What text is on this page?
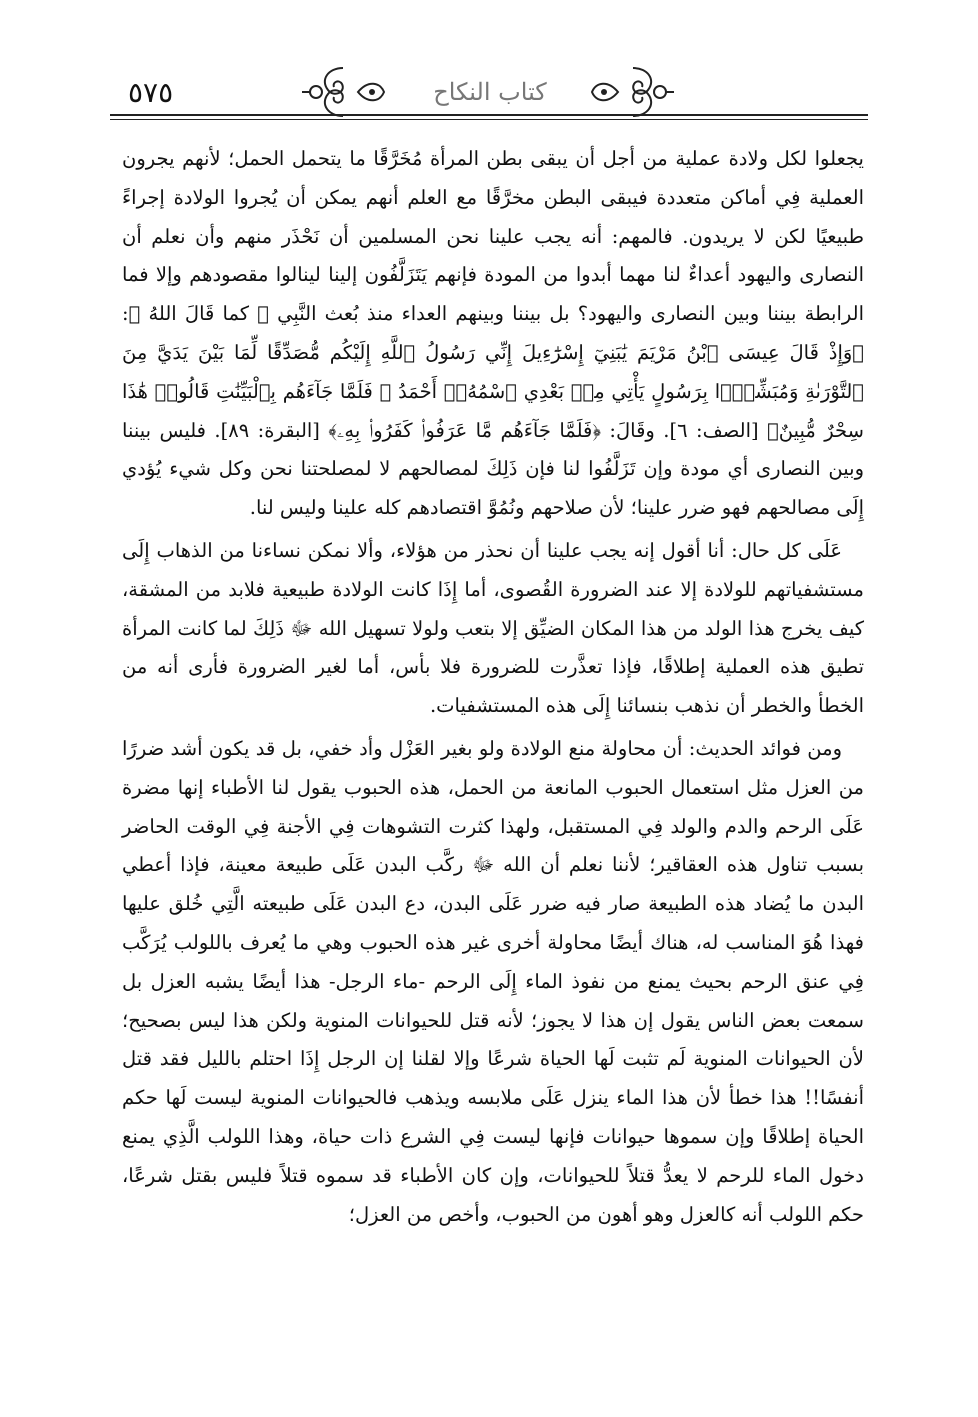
٥٧٥	كتاب النكاح

يجعلوا لكل ولادة عملية من أجل أن يبقى بطن المرأة مُخَرَّقًا ما يتحمل الحمل؛ لأنهم يجرون العملية فِي أماكن متعددة فيبقى البطن مخرَّقًا مع العلم أنهم يمكن أن يُجروا الولادة إجراءً طبيعيًا لكن لا يريدون. فالمهم: أنه يجب علينا نحن المسلمين أن نَحْذَر منهم وأن نعلم أن النصارى واليهود أعداءٌ لنا مهما أبدوا من المودة فإنهم يَتَزَلَّفُون إلينا لينالوا مقصودهم وإلا فما الرابطة بيننا وبين النصارى واليهود؟ بل بيننا وبينهم العداء منذ بُعث النَّبِي ﷺ كما قَالَ اللهُ ﷻ: ﴿وَإِذْ قَالَ عِيسَى ٱبْنُ مَرْيَمَ يَٰبَنِيٓ إِسْرَٰٓءِيلَ إِنِّي رَسُولُ ٱللَّهِ إِلَيْكُم مُّصَدِّقًا لِّمَا بَيْنَ يَدَيَّ مِنَ ٱلتَّوْرَىٰةِ وَمُبَشِّرًۢا بِرَسُولٍ يَأْتِي مِنۢ بَعْدِي ٱسْمُهُۥٓ أَحْمَدُ ۖ فَلَمَّا جَآءَهُم بِٱلْبَيِّنَٰتِ قَالُوا۟ هَٰذَا سِحْرٌ مُّبِينٌ﴾ [الصف: ٦]. وقَالَ: ﴿فَلَمَّا جَآءَهُم مَّا عَرَفُوا۟ كَفَرُوا۟ بِهِۦ﴾ [البقرة: ٨٩]. فليس بيننا وبين النصارى أي مودة وإن تَزَلَّفُوا لنا فإن ذَلِكَ لمصالحهم لا لمصلحتنا نحن وكل شيء يُؤدي إِلَى مصالحهم فهو ضرر علينا؛ لأن صلاحهم ونُمُوَّ اقتصادهم كله علينا وليس لنا.

عَلَى كل حال: أنا أقول إنه يجب علينا أن نحذر من هؤلاء، وألا نمكن نساءنا من الذهاب إِلَى مستشفياتهم للولادة إلا عند الضرورة القُصوى، أما إِذَا كانت الولادة طبيعية فلابد من المشقة، كيف يخرج هذا الولد من هذا المكان الضيِّق إلا بتعب ولولا تسهيل الله ﷻ ذَلِكَ لما كانت المرأة تطيق هذه العملية إطلاقًا، فإذا تعذَّرت للضرورة فلا بأس، أما لغير الضرورة فأرى أنه من الخطأ والخطر أن نذهب بنسائنا إِلَى هذه المستشفيات.

ومن فوائد الحديث: أن محاولة منع الولادة ولو بغير العَزْل وأد خفي، بل قد يكون أشد ضررًا من العزل مثل استعمال الحبوب المانعة من الحمل، هذه الحبوب يقول لنا الأطباء إنها مضرة عَلَى الرحم والدم والولد فِي المستقبل، ولهذا كثرت التشوهات فِي الأجنة فِي الوقت الحاضر بسبب تناول هذه العقاقير؛ لأننا نعلم أن الله ﷻ ركَّب البدن عَلَى طبيعة معينة، فإذا أعطي البدن ما يُضاد هذه الطبيعة صار فيه ضرر عَلَى البدن، دع البدن عَلَى طبيعته الَّتِي خُلق عليها فهذا هُوَ المناسب له، هناك أيضًا محاولة أخرى غير هذه الحبوب وهي ما يُعرف باللولب يُرَكَّب فِي عنق الرحم بحيث يمنع من نفوذ الماء إِلَى الرحم -ماء الرجل- هذا أيضًا يشبه العزل بل سمعت بعض الناس يقول إن هذا لا يجوز؛ لأنه قتل للحيوانات المنوية ولكن هذا ليس بصحيح؛ لأن الحيوانات المنوية لَم تثبت لَها الحياة شرعًا وإلا لقلنا إن الرجل إِذَا احتلم بالليل فقد قتل أنفسًا!! هذا خطأ لأن هذا الماء ينزل عَلَى ملابسه ويذهب فالحيوانات المنوية ليست لَها حكم الحياة إطلاقًا وإن سموها حيوانات فإنها ليست فِي الشرع ذات حياة، وهذا اللولب الَّذِي يمنع دخول الماء للرحم لا يعدُّ قتلاً للحيوانات، وإن كان الأطباء قد سموه قتلاً فليس بقتل شرعًا، حكم اللولب أنه كالعزل وهو أهون من الحبوب، وأخص من العزل؛
